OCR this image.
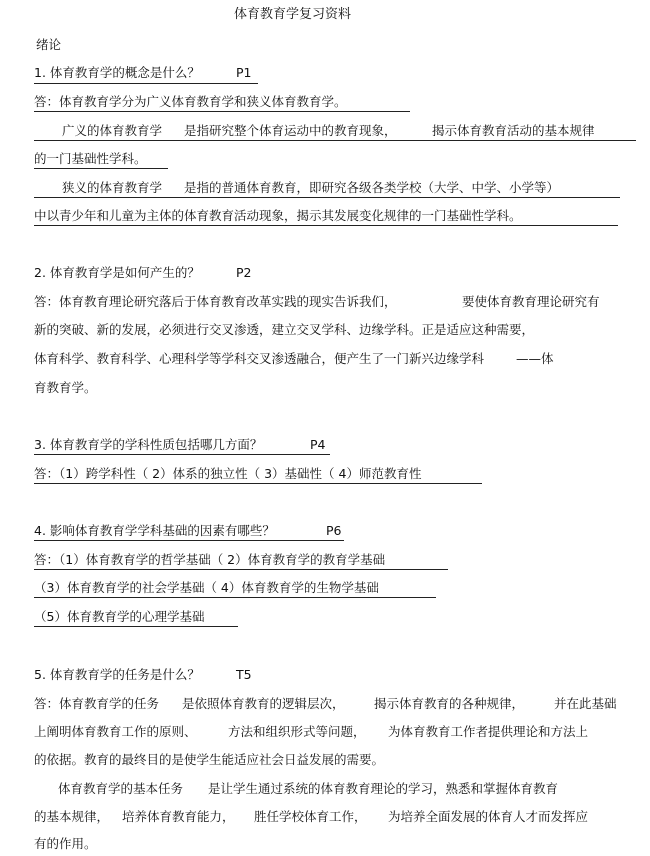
体育教育学复习资料
绪论
1. 体育教育学的概念是什么？	P1
答：体育教育学分为广义体育教育学和狭义体育教育学。
广义的体育教育学 是指研究整个体育运动中的教育现象，	揭示体育教育活动的基本规律
的一门基础性学科。
狭义的体育教育学 是指的普通体育教育，即研究各级各类学校（大学、中学、小学等）
中以青少年和儿童为主体的体育教育活动现象，揭示其发展变化规律的一门基础性学科。
2. 体育教育学是如何产生的？	P2
答：体育教育理论研究落后于体育教育改革实践的现实告诉我们，	要使体育教育理论研究有
新的突破、新的发展，必须进行交叉渗透，建立交叉学科、边缘学科。正是适应这种需要，
体育科学、教育科学、心理科学等学科交叉渗透融合，便产生了一门新兴边缘学科	——体
育教育学。
3. 体育教育学的学科性质包括哪几方面？	P4
答：（1）跨学科性（ 2）体系的独立性（ 3）基础性（ 4）师范教育性
4. 影响体育教育学学科基础的因素有哪些？	P6
答：（1）体育教育学的哲学基础（ 2）体育教育学的教育学基础
（3）体育教育学的社会学基础（ 4）体育教育学的生物学基础
（5）体育教育学的心理学基础
5. 体育教育学的任务是什么？	T5
答：体育教育学的任务 是依照体育教育的逻辑层次， 揭示体育教育的各种规律， 并在此基础
上阐明体育教育工作的原则、	方法和组织形式等问题， 为体育教育工作者提供理论和方法上
的依据。教育的最终目的是使学生能适应社会日益发展的需要。
体育教育学的基本任务 是让学生通过系统的体育教育理论的学习，熟悉和掌握体育教育
的基本规律， 培养体育教育能力， 胜任学校体育工作， 为培养全面发展的体育人才而发挥应
有的作用。
